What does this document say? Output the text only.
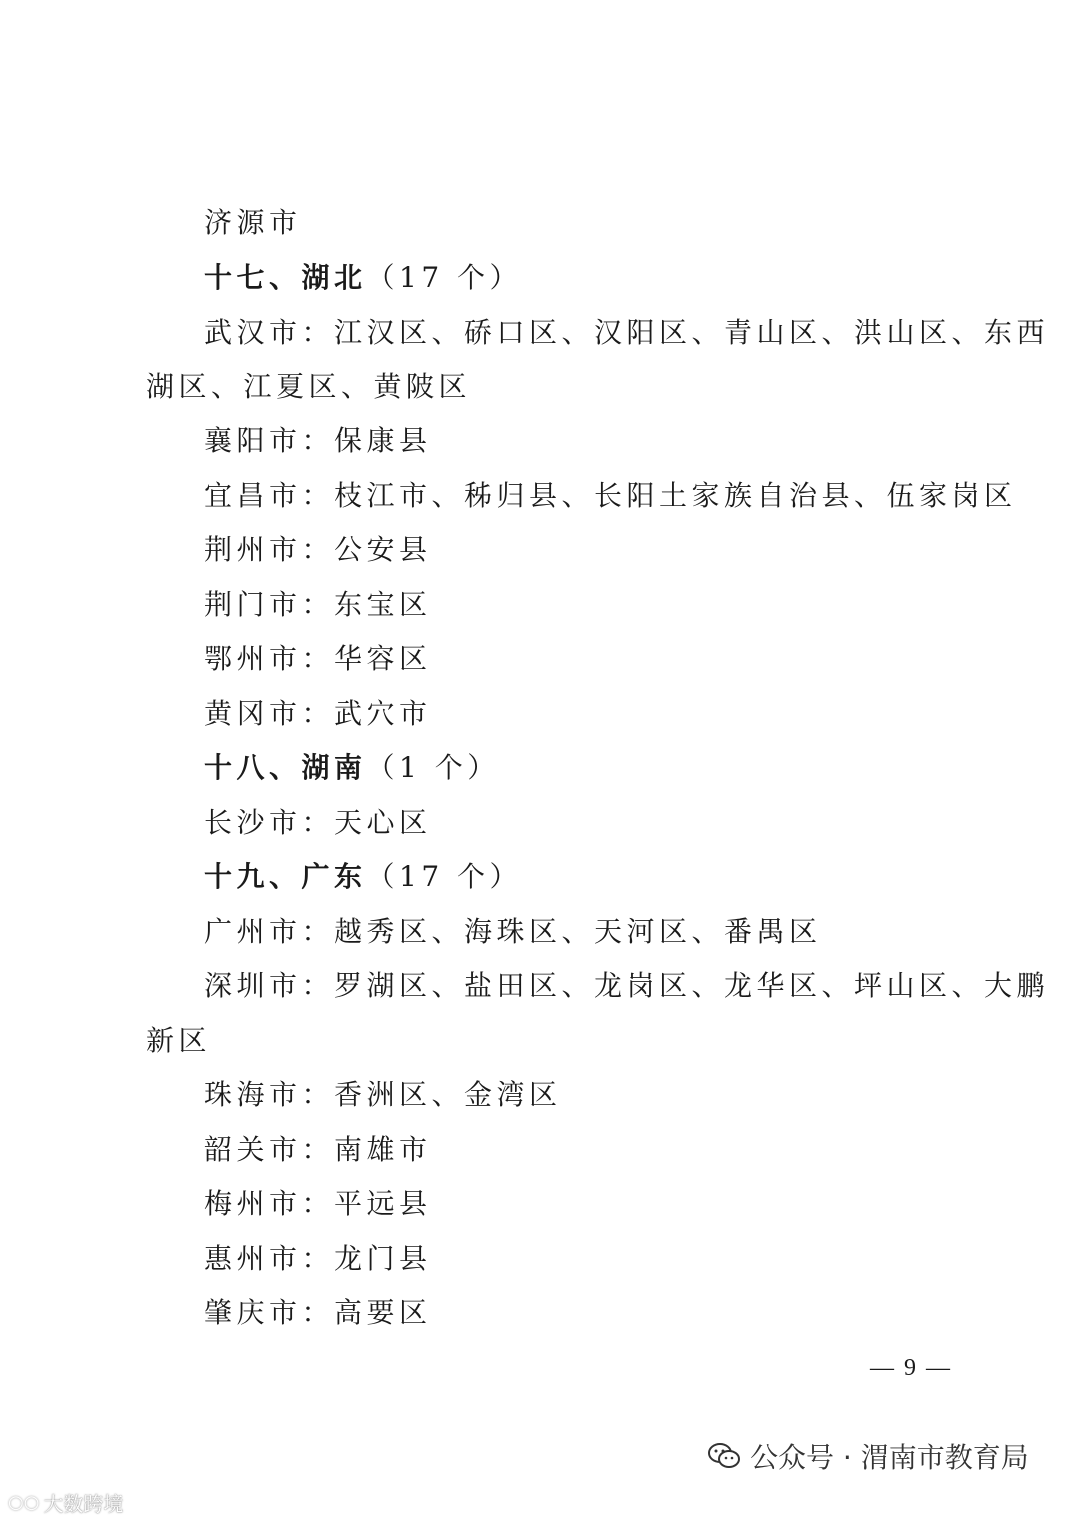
济源市
十七、湖北（17 个）
武汉市：江汉区、硚口区、汉阳区、青山区、洪山区、东西
湖区、江夏区、黄陂区
襄阳市：保康县
宜昌市：枝江市、秭归县、长阳土家族自治县、伍家岗区
荆州市：公安县
荆门市：东宝区
鄂州市：华容区
黄冈市：武穴市
十八、湖南（1 个）
长沙市：天心区
十九、广东（17 个）
广州市：越秀区、海珠区、天河区、番禺区
深圳市：罗湖区、盐田区、龙岗区、龙华区、坪山区、大鹏
新区
珠海市：香洲区、金湾区
韶关市：南雄市
梅州市：平远县
惠州市：龙门县
肇庆市：高要区
— 9 —
○○ 大数跨境
公众号 · 渭南市教育局
